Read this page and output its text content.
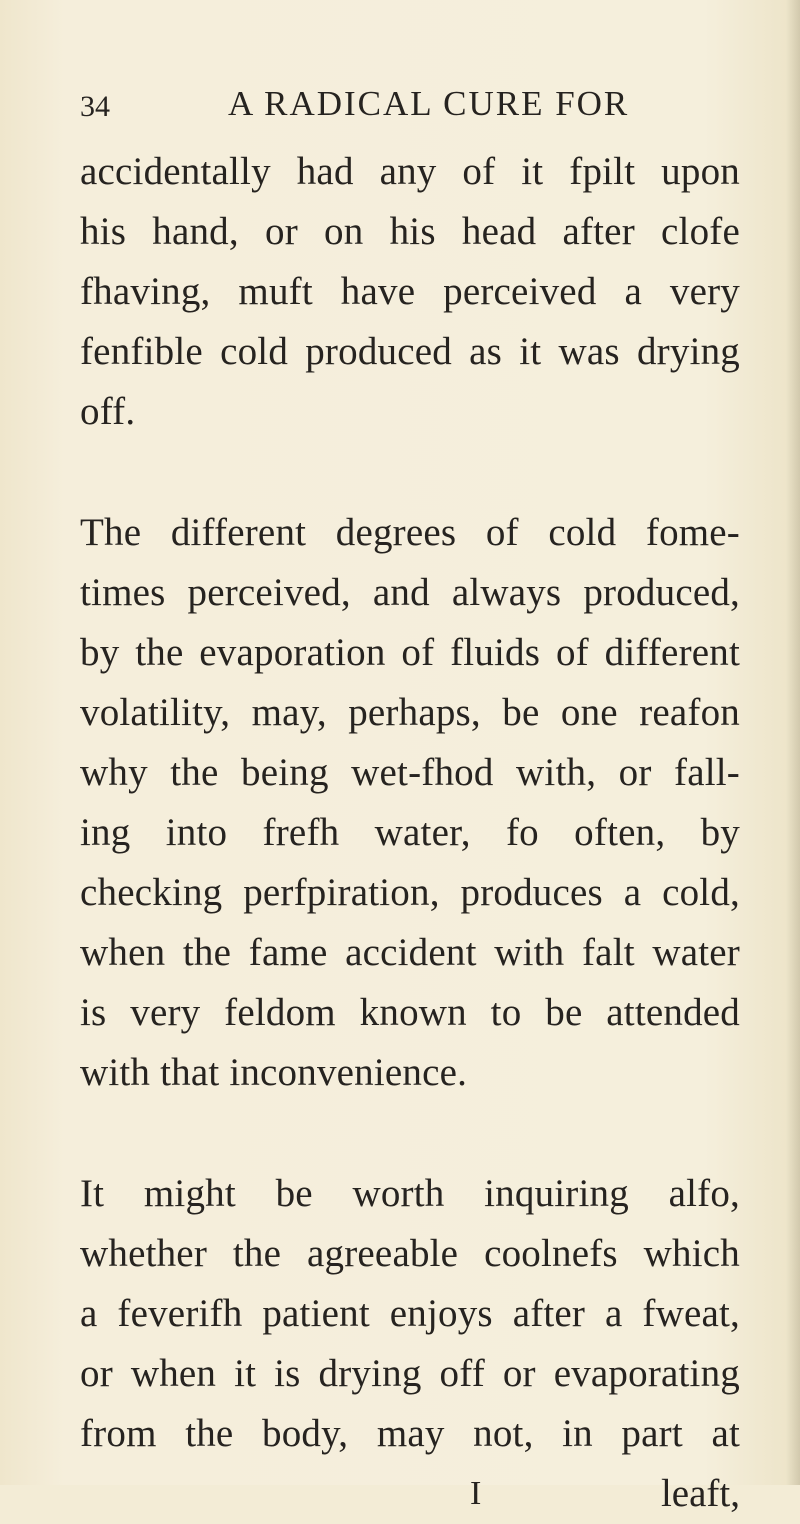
34	A RADICAL CURE FOR
accidentally had any of it fpilt upon
his hand, or on his head after clofe
fhaving, muft have perceived a very
fenfible cold produced as it was drying
off.
The different degrees of cold fome-
times perceived, and always produced,
by the evaporation of fluids of different
volatility, may, perhaps, be one reafon
why the being wet-fhod with, or fall-
ing into frefh water, fo often, by
checking perfpiration, produces a cold,
when the fame accident with falt water
is very feldom known to be attended
with that inconvenience.
It might be worth inquiring alfo,
whether the agreeable coolnefs which
a feverifh patient enjoys after a fweat,
or when it is drying off or evaporating
from the body, may not, in part at
I	leaft,
